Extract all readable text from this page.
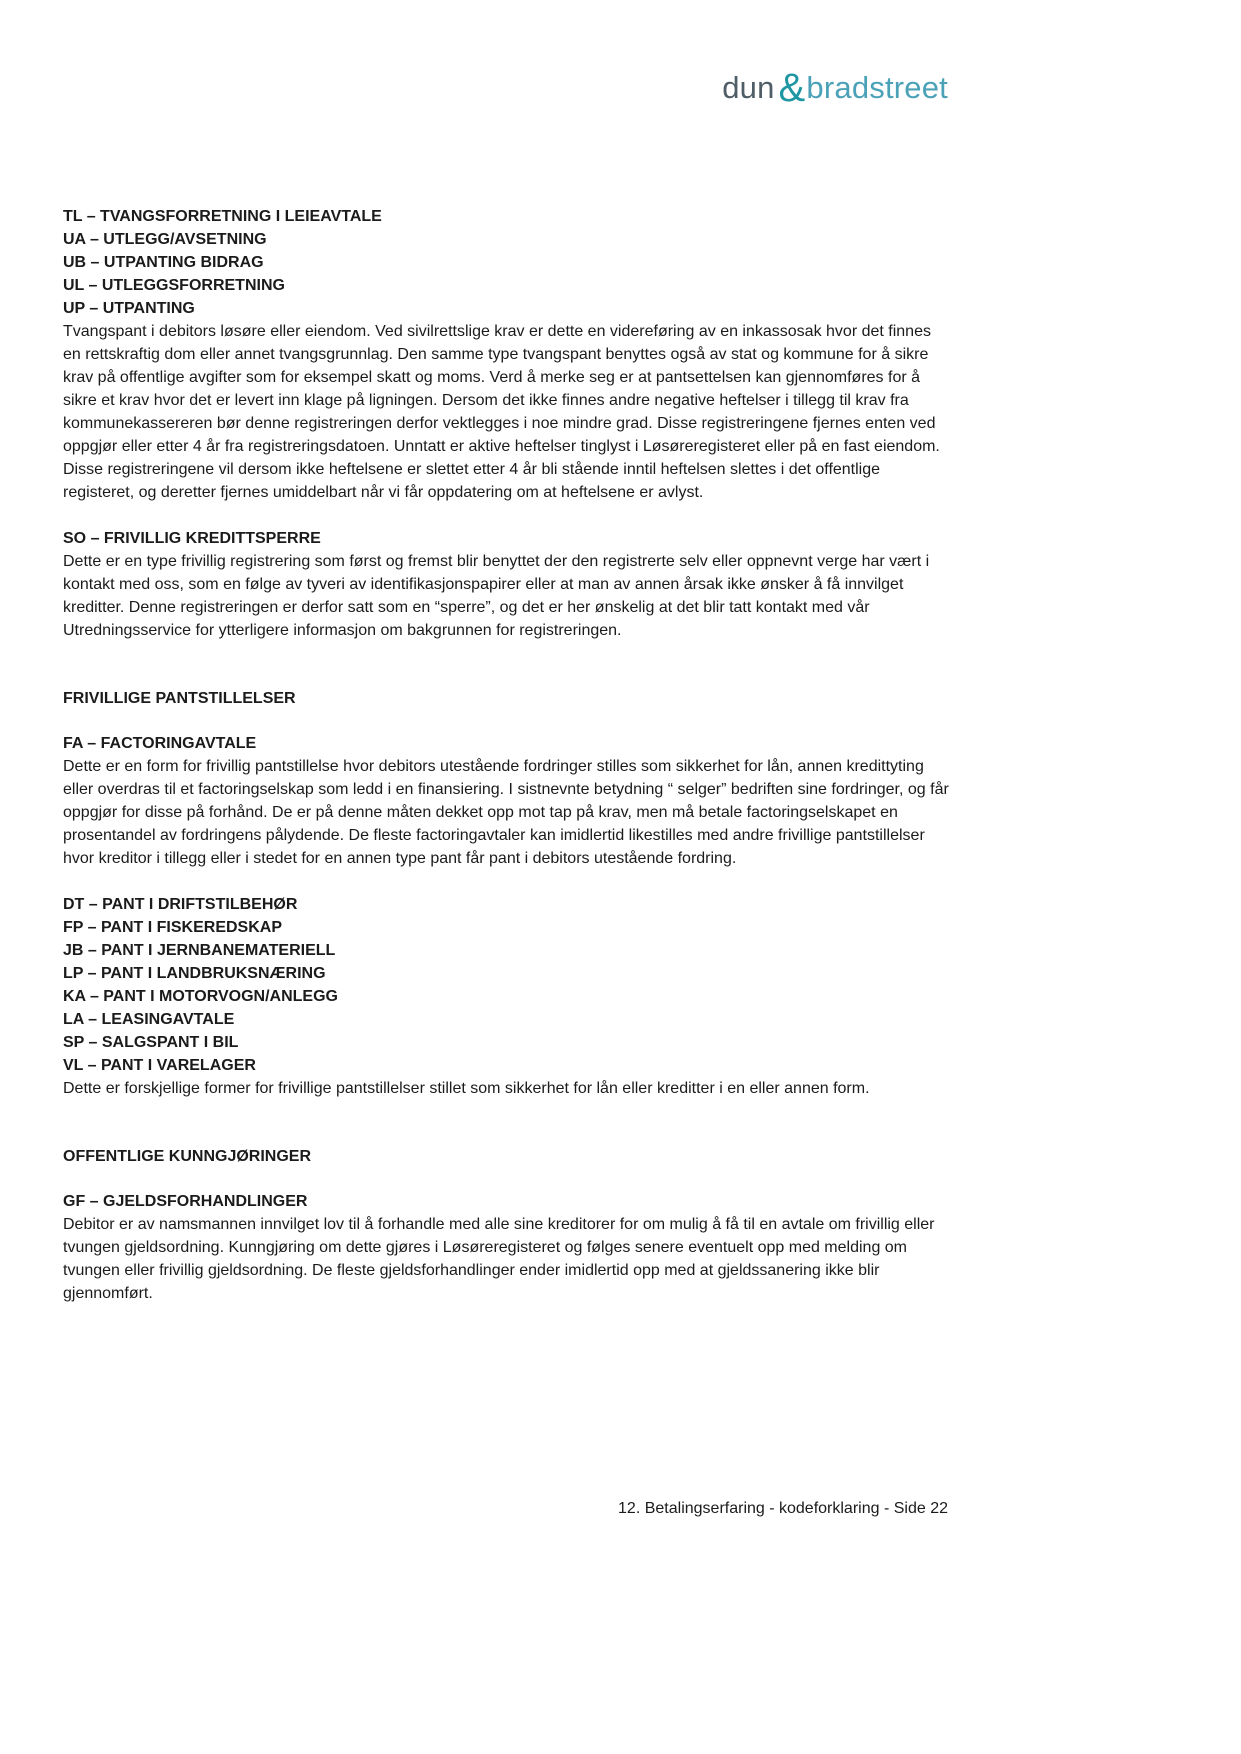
dun &bradstreet
TL – TVANGSFORRETNING I LEIEAVTALE
UA – UTLEGG/AVSETNING
UB – UTPANTING BIDRAG
UL – UTLEGGSFORRETNING
UP – UTPANTING

Tvangspant i debitors løsøre eller eiendom. Ved sivilrettslige krav er dette en videreføring av en inkassosak hvor det finnes en rettskraftig dom eller annet tvangsgrunnlag. Den samme type tvangspant benyttes også av stat og kommune for å sikre krav på offentlige avgifter som for eksempel skatt og moms. Verd å merke seg er at pantsettelsen kan gjennomføres for å sikre et krav hvor det er levert inn klage på ligningen. Dersom det ikke finnes andre negative heftelser i tillegg til krav fra kommunekassereren bør denne registreringen derfor vektlegges i noe mindre grad. Disse registreringene fjernes enten ved oppgjør eller etter 4 år fra registreringsdatoen. Unntatt er aktive heftelser tinglyst i Løsøreregisteret eller på en fast eiendom. Disse registreringene vil dersom ikke heftelsene er slettet etter 4 år bli stående inntil heftelsen slettes i det offentlige registeret, og deretter fjernes umiddelbart når vi får oppdatering om at heftelsene er avlyst.

SO – FRIVILLIG KREDITTSPERRE

Dette er en type frivillig registrering som først og fremst blir benyttet der den registrerte selv eller oppnevnt verge har vært i kontakt med oss, som en følge av tyveri av identifikasjonspapirer eller at man av annen årsak ikke ønsker å få innvilget kreditter. Denne registreringen er derfor satt som en “sperre”, og det er her ønskelig at det blir tatt kontakt med vår Utredningsservice for ytterligere informasjon om bakgrunnen for registreringen.

FRIVILLIGE PANTSTILLELSER
FA – FACTORINGAVTALE

Dette er en form for frivillig pantstillelse hvor debitors utestående fordringer stilles som sikkerhet for lån, annen kredittyting eller overdras til et factoringselskap som ledd i en finansiering. I sistnevnte betydning “ selger” bedriften sine fordringer, og får oppgjør for disse på forhånd. De er på denne måten dekket opp mot tap på krav, men må betale factoringselskapet en prosentandel av fordringens pålydende. De fleste factoringavtaler kan imidlertid likestilles med andre frivillige pantstillelser hvor kreditor i tillegg eller i stedet for en annen type pant får pant i debitors utestående fordring.

DT – PANT I DRIFTSTILBEHØR
FP – PANT I FISKEREDSKAP
JB – PANT I JERNBANEMATERIELL
LP – PANT I LANDBRUKSNÆRING
KA – PANT I MOTORVOGN/ANLEGG
LA – LEASINGAVTALE
SP – SALGSPANT I BIL
VL – PANT I VARELAGER

Dette er forskjellige former for frivillige pantstillelser stillet som sikkerhet for lån eller kreditter i en eller annen form.

OFFENTLIGE KUNNGJØRINGER
GF – GJELDSFORHANDLINGER

Debitor er av namsmannen innvilget lov til å forhandle med alle sine kreditorer for om mulig å få til en avtale om frivillig eller tvungen gjeldsordning. Kunngjøring om dette gjøres i Løsøreregisteret og følges senere eventuelt opp med melding om tvungen eller frivillig gjeldsordning. De fleste gjeldsforhandlinger ender imidlertid opp med at gjeldssanering ikke blir gjennomført.

12. Betalingserfaring - kodeforklaring - Side 22
